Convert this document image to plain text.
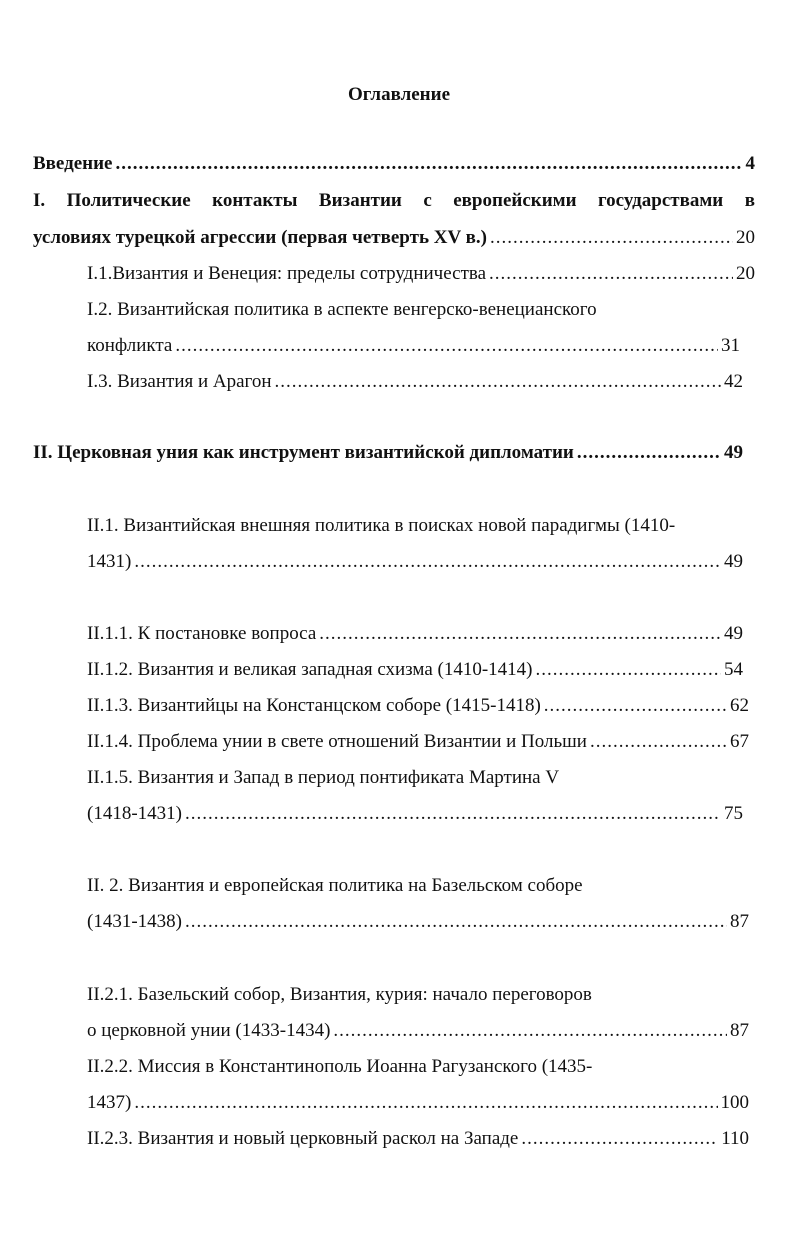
Оглавление
Введение .....	4
I. Политические контакты Византии с европейскими государствами в
условиях турецкой агрессии (первая четверть XV в.) .....	20
I.1.Византия и Венеция: пределы сотрудничества .....	20
I.2. Византийская политика в аспекте венгерско-венецианского
конфликта .....	31
I.3. Византия и Арагон .....	42
II. Церковная уния как инструмент византийской дипломатии .....	49
II.1. Византийская внешняя политика в поисках новой парадигмы (1410-
1431) .....	49
II.1.1. К постановке вопроса .....	49
II.1.2. Византия и великая западная схизма (1410-1414) .....	54
II.1.3. Византийцы на Констанцском соборе (1415-1418) .....	62
II.1.4. Проблема унии в свете отношений Византии и Польши .....	67
II.1.5. Византия и Запад в период понтификата Мартина V
(1418-1431) .....	75
II. 2. Византия и европейская политика на Базельском соборе
(1431-1438) .....	87
II.2.1. Базельский собор, Византия, курия: начало переговоров
о церковной унии (1433-1434) .....	87
II.2.2. Миссия в Константинополь Иоанна Рагузанского (1435-
1437) .....	100
II.2.3. Византия и новый церковный раскол на Западе .....	110
